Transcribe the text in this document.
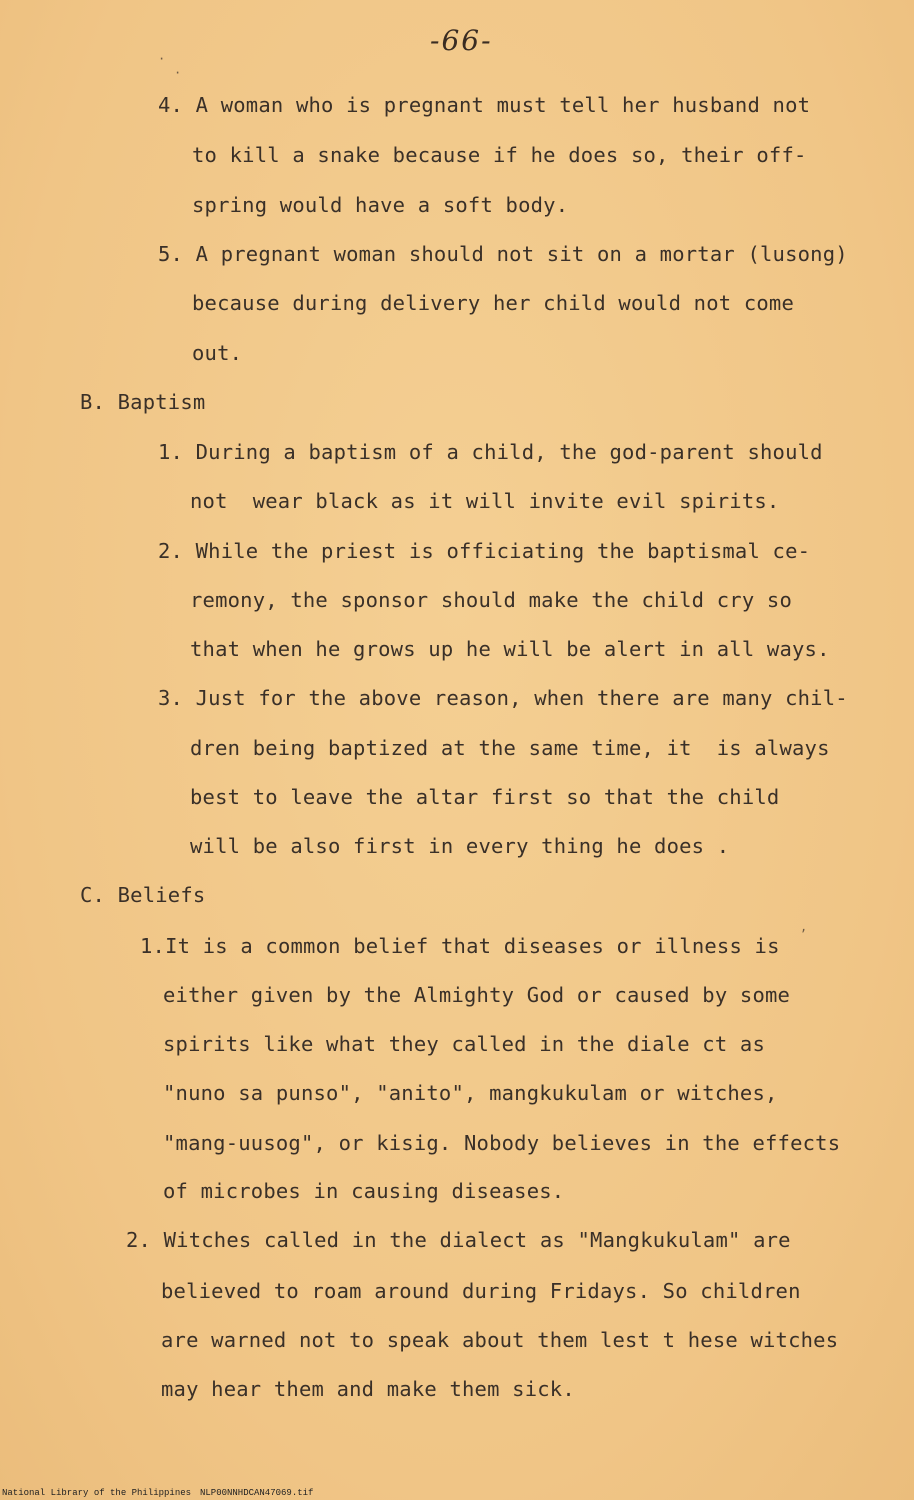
-66-
4. A woman who is pregnant must tell her husband not
to kill a snake because if he does so, their off-
spring would have a soft body.
5. A pregnant woman should not sit on a mortar (lusong)
because during delivery her child would not come
out.
B. Baptism
1. During a baptism of a child, the god-parent should
not  wear black as it will invite evil spirits.
2. While the priest is officiating the baptismal ce-
remony, the sponsor should make the child cry so
that when he grows up he will be alert in all ways.
3. Just for the above reason, when there are many chil-
dren being baptized at the same time, it  is always
best to leave the altar first so that the child
will be also first in every thing he does .
C. Beliefs
1.It is a common belief that diseases or illness is
either given by the Almighty God or caused by some
spirits like what they called in the diale ct as
"nuno sa punso", "anito", mangkukulam or witches,
"mang-uusog", or kisig. Nobody believes in the effects
of microbes in causing diseases.
2. Witches called in the dialect as "Mangkukulam" are
believed to roam around during Fridays. So children
are warned not to speak about them lest t hese witches
may hear them and make them sick.
·
·
,
National Library of the Philippines NLP00NNHDCAN47069.tif
